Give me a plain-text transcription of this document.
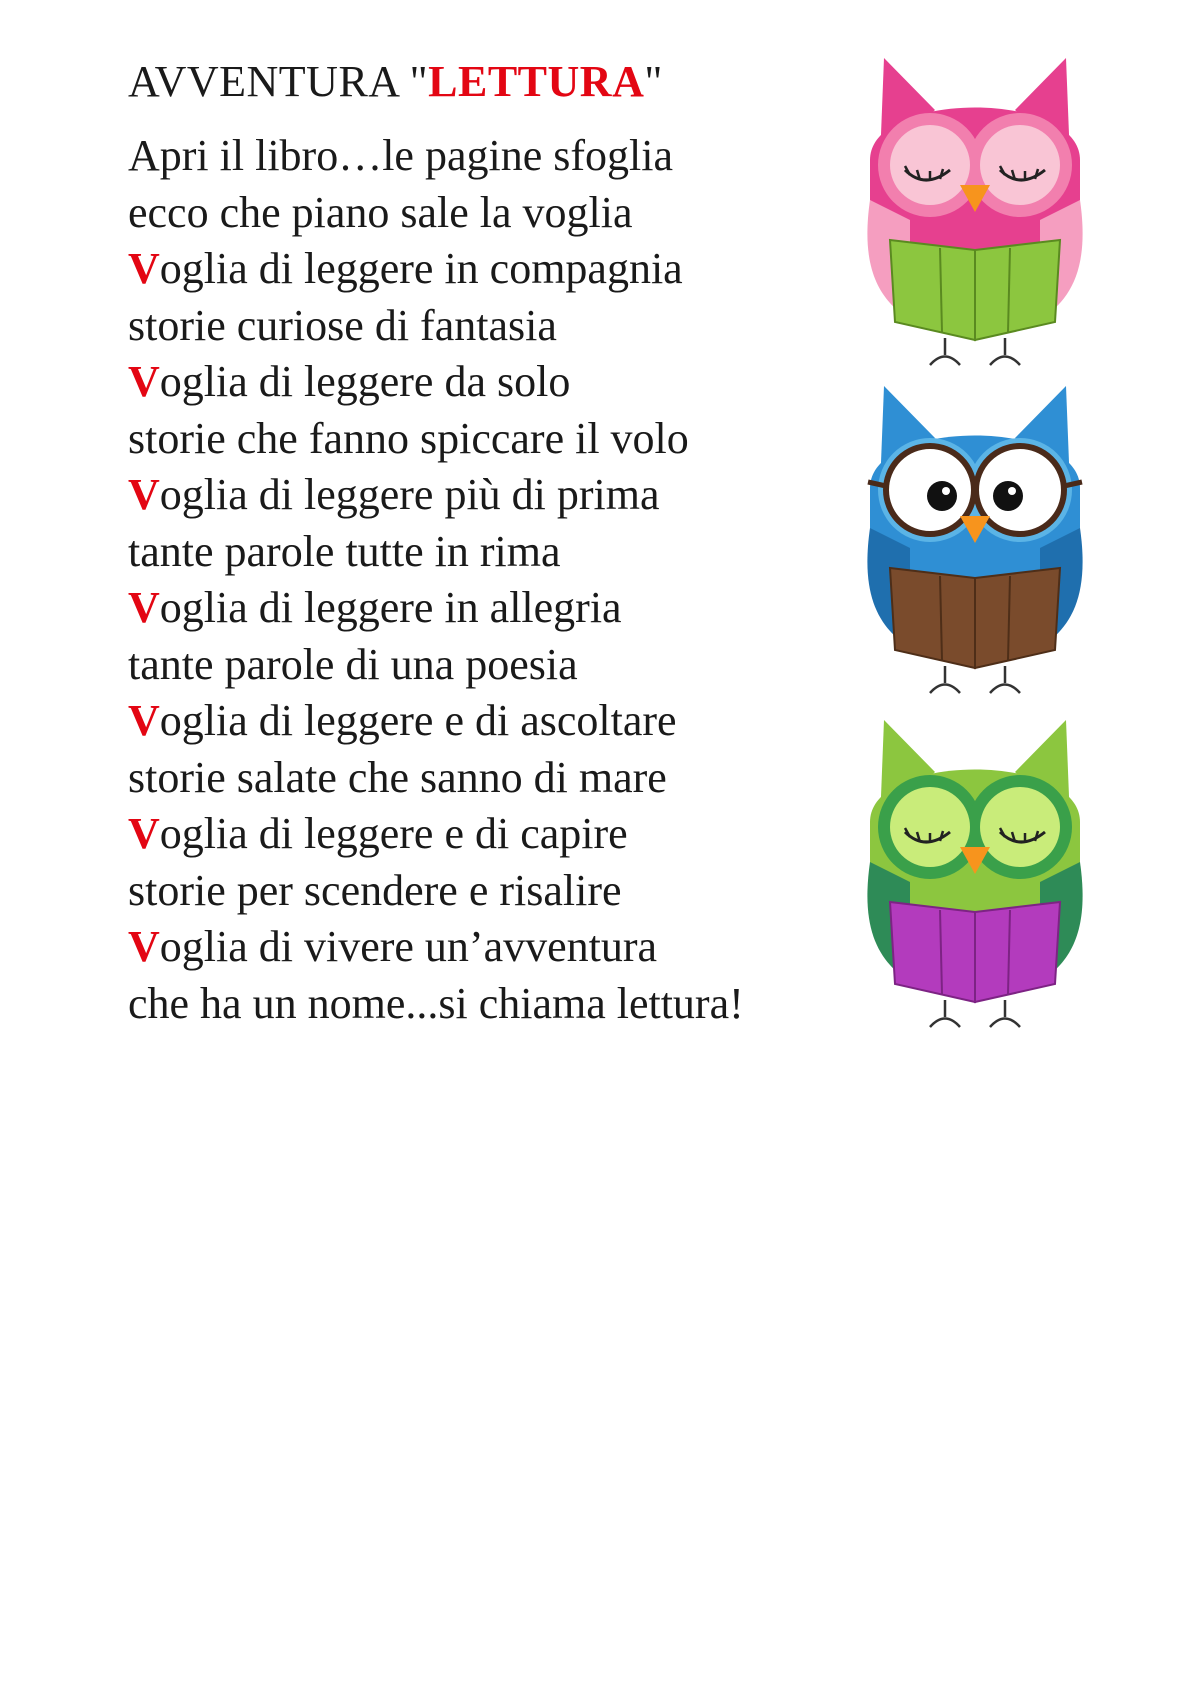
AVVENTURA "LETTURA"
Apri il libro…le pagine sfoglia
ecco che piano sale la voglia
Voglia di leggere in compagnia
storie curiose di fantasia
Voglia di leggere da solo
storie che fanno spiccare il volo
Voglia di leggere più di prima
tante parole tutte in rima
Voglia di leggere in allegria
tante parole di una poesia
Voglia di leggere e di ascoltare
storie salate che sanno di mare
Voglia di leggere e di capire
storie per scendere e risalire
Voglia di vivere un’avventura
che ha un nome...si chiama lettura!
